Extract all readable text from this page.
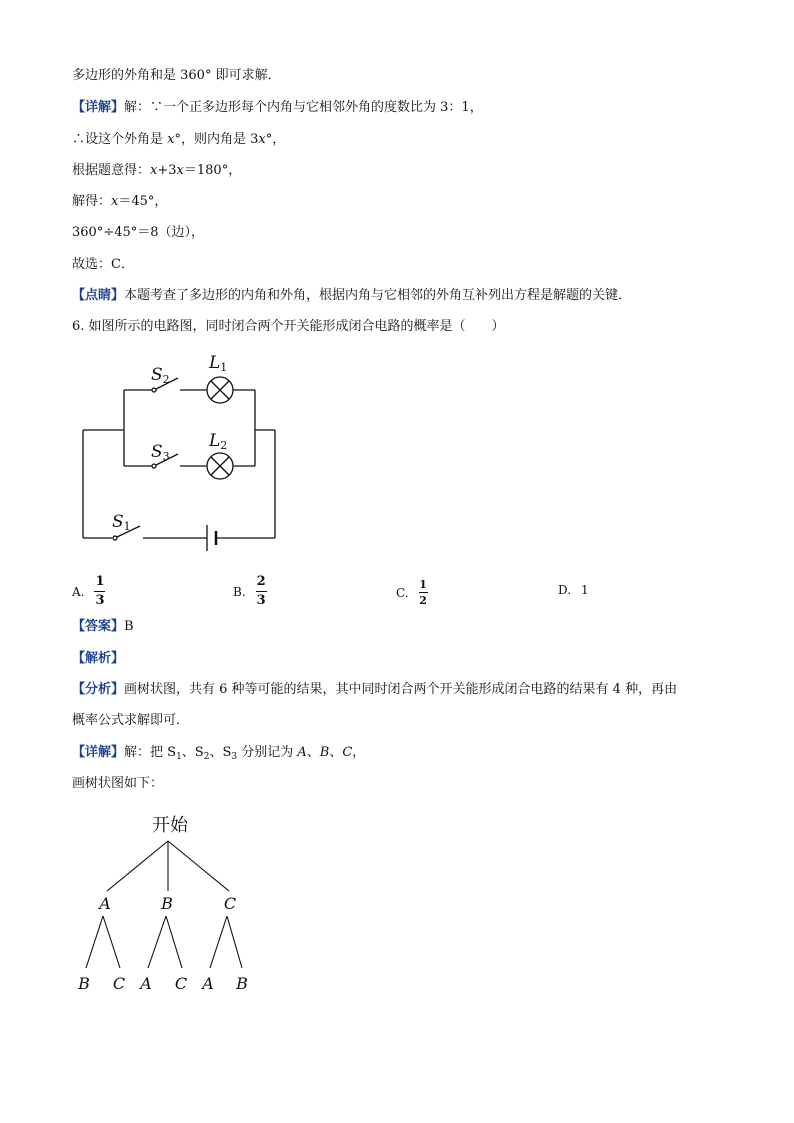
多边形的外角和是 360° 即可求解．
【详解】解：∵一个正多边形每个内角与它相邻外角的度数比为 3：1，
∴设这个外角是 x°，则内角是 3x°，
根据题意得：x+3x＝180°，
解得：x＝45°，
360°÷45°＝8（边），
故选：C．
【点睛】本题考查了多边形的内角和外角，根据内角与它相邻的外角互补列出方程是解题的关键．
6. 如图所示的电路图，同时闭合两个开关能形成闭合电路的概率是（　　）
S2
S3
S1
L1
L2
A. $\frac{1}{3}$	B. $\frac{2}{3}$	C. $\frac{1}{2}$	D. 1
【答案】B
【解析】
【分析】画树状图，共有 6 种等可能的结果，其中同时闭合两个开关能形成闭合电路的结果有 4 种，再由
概率公式求解即可．
【详解】解：把 $S_1$、$S_2$、$S_3$ 分别记为 A、B、C，
画树状图如下：
开始
A	B	C
B C A C A B
